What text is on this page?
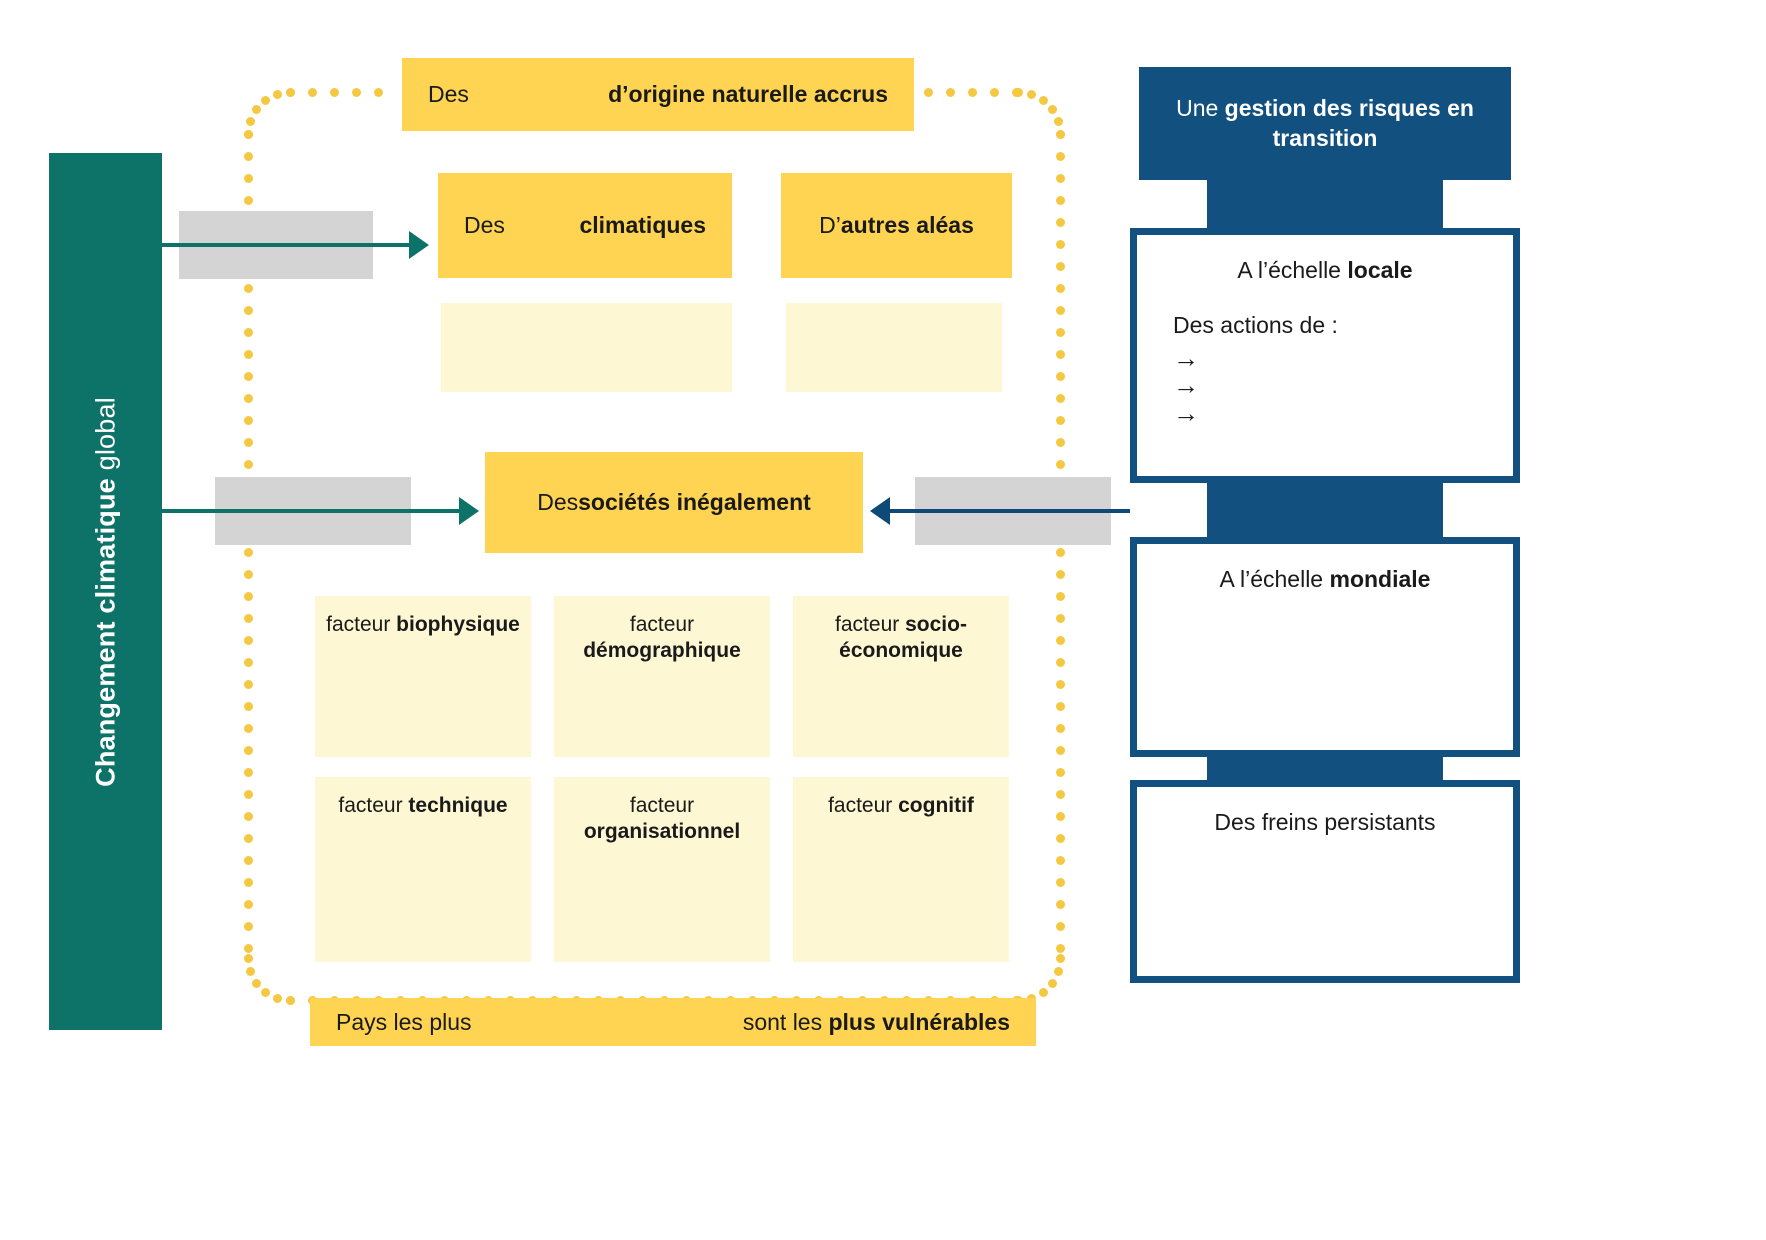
Changement climatique global
Des	d’origine naturelle accrus
Des	climatiques	D’ autres aléas
Des sociétés inégalement
facteur biophysique	facteur démographique
facteur socio-économique
facteur technique	facteur organisationnel
facteur cognitif
Pays les plus	sont les plus vulnérables
Une gestion des risques en transition
A l’échelle locale
Des actions de :
→
→
→
A l’échelle mondiale
Des freins persistants
